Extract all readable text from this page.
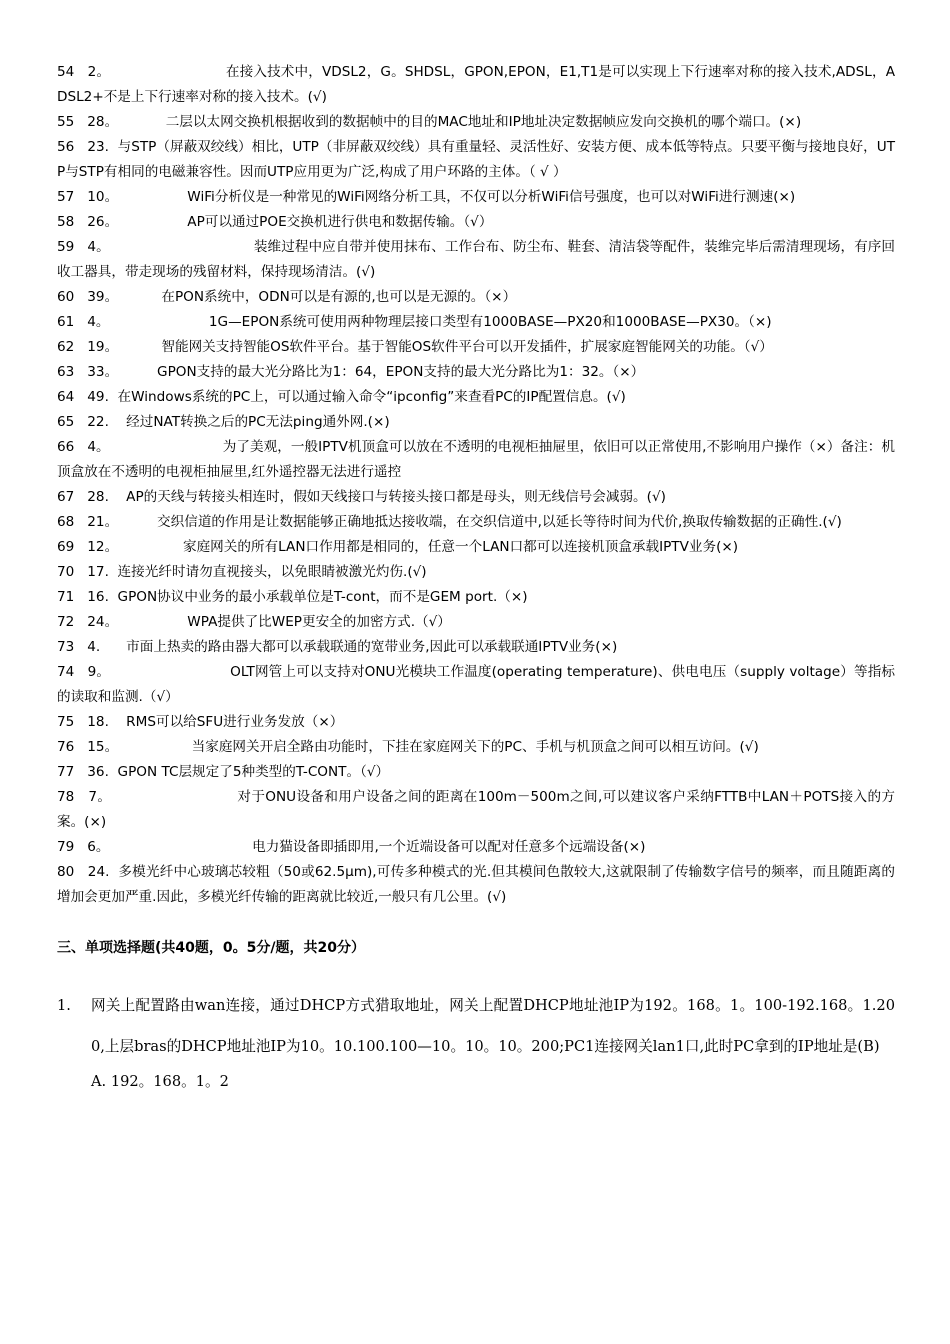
54 2。                          在接入技术中，VDSL2，G。SHDSL，GPON,EPON，E1,T1是可以实现上下行速率对称的接入技术,ADSL，ADSL2+不是上下行速率对称的接入技术。(√)

55 28。           二层以太网交换机根据收到的数据帧中的目的MAC地址和IP地址决定数据帧应发向交换机的哪个端口。(×)

56 23.  与STP（屏蔽双绞线）相比，UTP（非屏蔽双绞线）具有重量轻、灵活性好、安装方便、成本低等特点。只要平衡与接地良好，UTP与STP有相同的电磁兼容性。因而UTP应用更为广泛,构成了用户环路的主体。（ √ ）

57 10。                WiFi分析仪是一种常见的WiFi网络分析工具，不仅可以分析WiFi信号强度，也可以对WiFi进行测速(×)

58 26。                AP可以通过POE交换机进行供电和数据传输。（√）

59 4。                                 装维过程中应自带并使用抹布、工作台布、防尘布、鞋套、清洁袋等配件，装维完毕后需清理现场，有序回收工器具，带走现场的残留材料，保持现场清洁。(√)

60 39。          在PON系统中，ODN可以是有源的,也可以是无源的。（×）

61 4。                       1G—EPON系统可使用两种物理层接口类型有1000BASE—PX20和1000BASE—PX30。（×)

62 19。          智能网关支持智能OS软件平台。基于智能OS软件平台可以开发插件，扩展家庭智能网关的功能。（√）

63 33。         GPON支持的最大光分路比为1：64，EPON支持的最大光分路比为1：32。（×）

64 49.  在Windows系统的PC上，可以通过输入命令“ipconfig”来查看PC的IP配置信息。(√)

65 22.    经过NAT转换之后的PC无法ping通外网.(×)

66 4。                          为了美观，一般IPTV机顶盒可以放在不透明的电视柜抽屉里，依旧可以正常使用,不影响用户操作（×）备注：机顶盒放在不透明的电视柜抽屉里,红外遥控器无法进行遥控

67 28.    AP的天线与转接头相连时，假如天线接口与转接头接口都是母头，则无线信号会减弱。(√)

68 21。         交织信道的作用是让数据能够正确地抵达接收端，在交织信道中,以延长等待时间为代价,换取传输数据的正确性.(√)

69 12。               家庭网关的所有LAN口作用都是相同的，任意一个LAN口都可以连接机顶盒承载IPTV业务(×)

70 17.  连接光纤时请勿直视接头，以免眼睛被激光灼伤.(√)

71 16.  GPON协议中业务的最小承载单位是T-cont，而不是GEM port.（×)

72 24。                WPA提供了比WEP更安全的加密方式.（√）

73 4.      市面上热卖的路由器大都可以承载联通的宽带业务,因此可以承载联通IPTV业务(×)

74 9。                           OLT网管上可以支持对ONU光模块工作温度(operating temperature)、供电电压（supply voltage）等指标的读取和监测.（√）

75 18.    RMS可以给SFU进行业务发放（×）

76 15。                 当家庭网关开启全路由功能时，下挂在家庭网关下的PC、手机与机顶盒之间可以相互访问。(√)

77 36.  GPON TC层规定了5种类型的T-CONT。（√）

78 7。                           对于ONU设备和用户设备之间的距离在100m－500m之间,可以建议客户采纳FTTB中LAN＋POTS接入的方案。(×)

79 6。                                 电力猫设备即插即用,一个近端设备可以配对任意多个远端设备(×)

80 24.  多模光纤中心玻璃芯较粗（50或62.5μm),可传多种模式的光.但其模间色散较大,这就限制了传输数字信号的频率，而且随距离的增加会更加严重.因此，多模光纤传输的距离就比较近,一般只有几公里。(√)

三、单项选择题(共40题，0。5分/题，共20分）
1. 网关上配置路由wan连接，通过DHCP方式猎取地址，网关上配置DHCP地址池IP为192。168。1。100-192.168。1.200,上层bras的DHCP地址池IP为10。10.100.100—10。10。10。200;PC1连接网关lan1口,此时PC拿到的IP地址是(B)
A. 192。168。1。2
